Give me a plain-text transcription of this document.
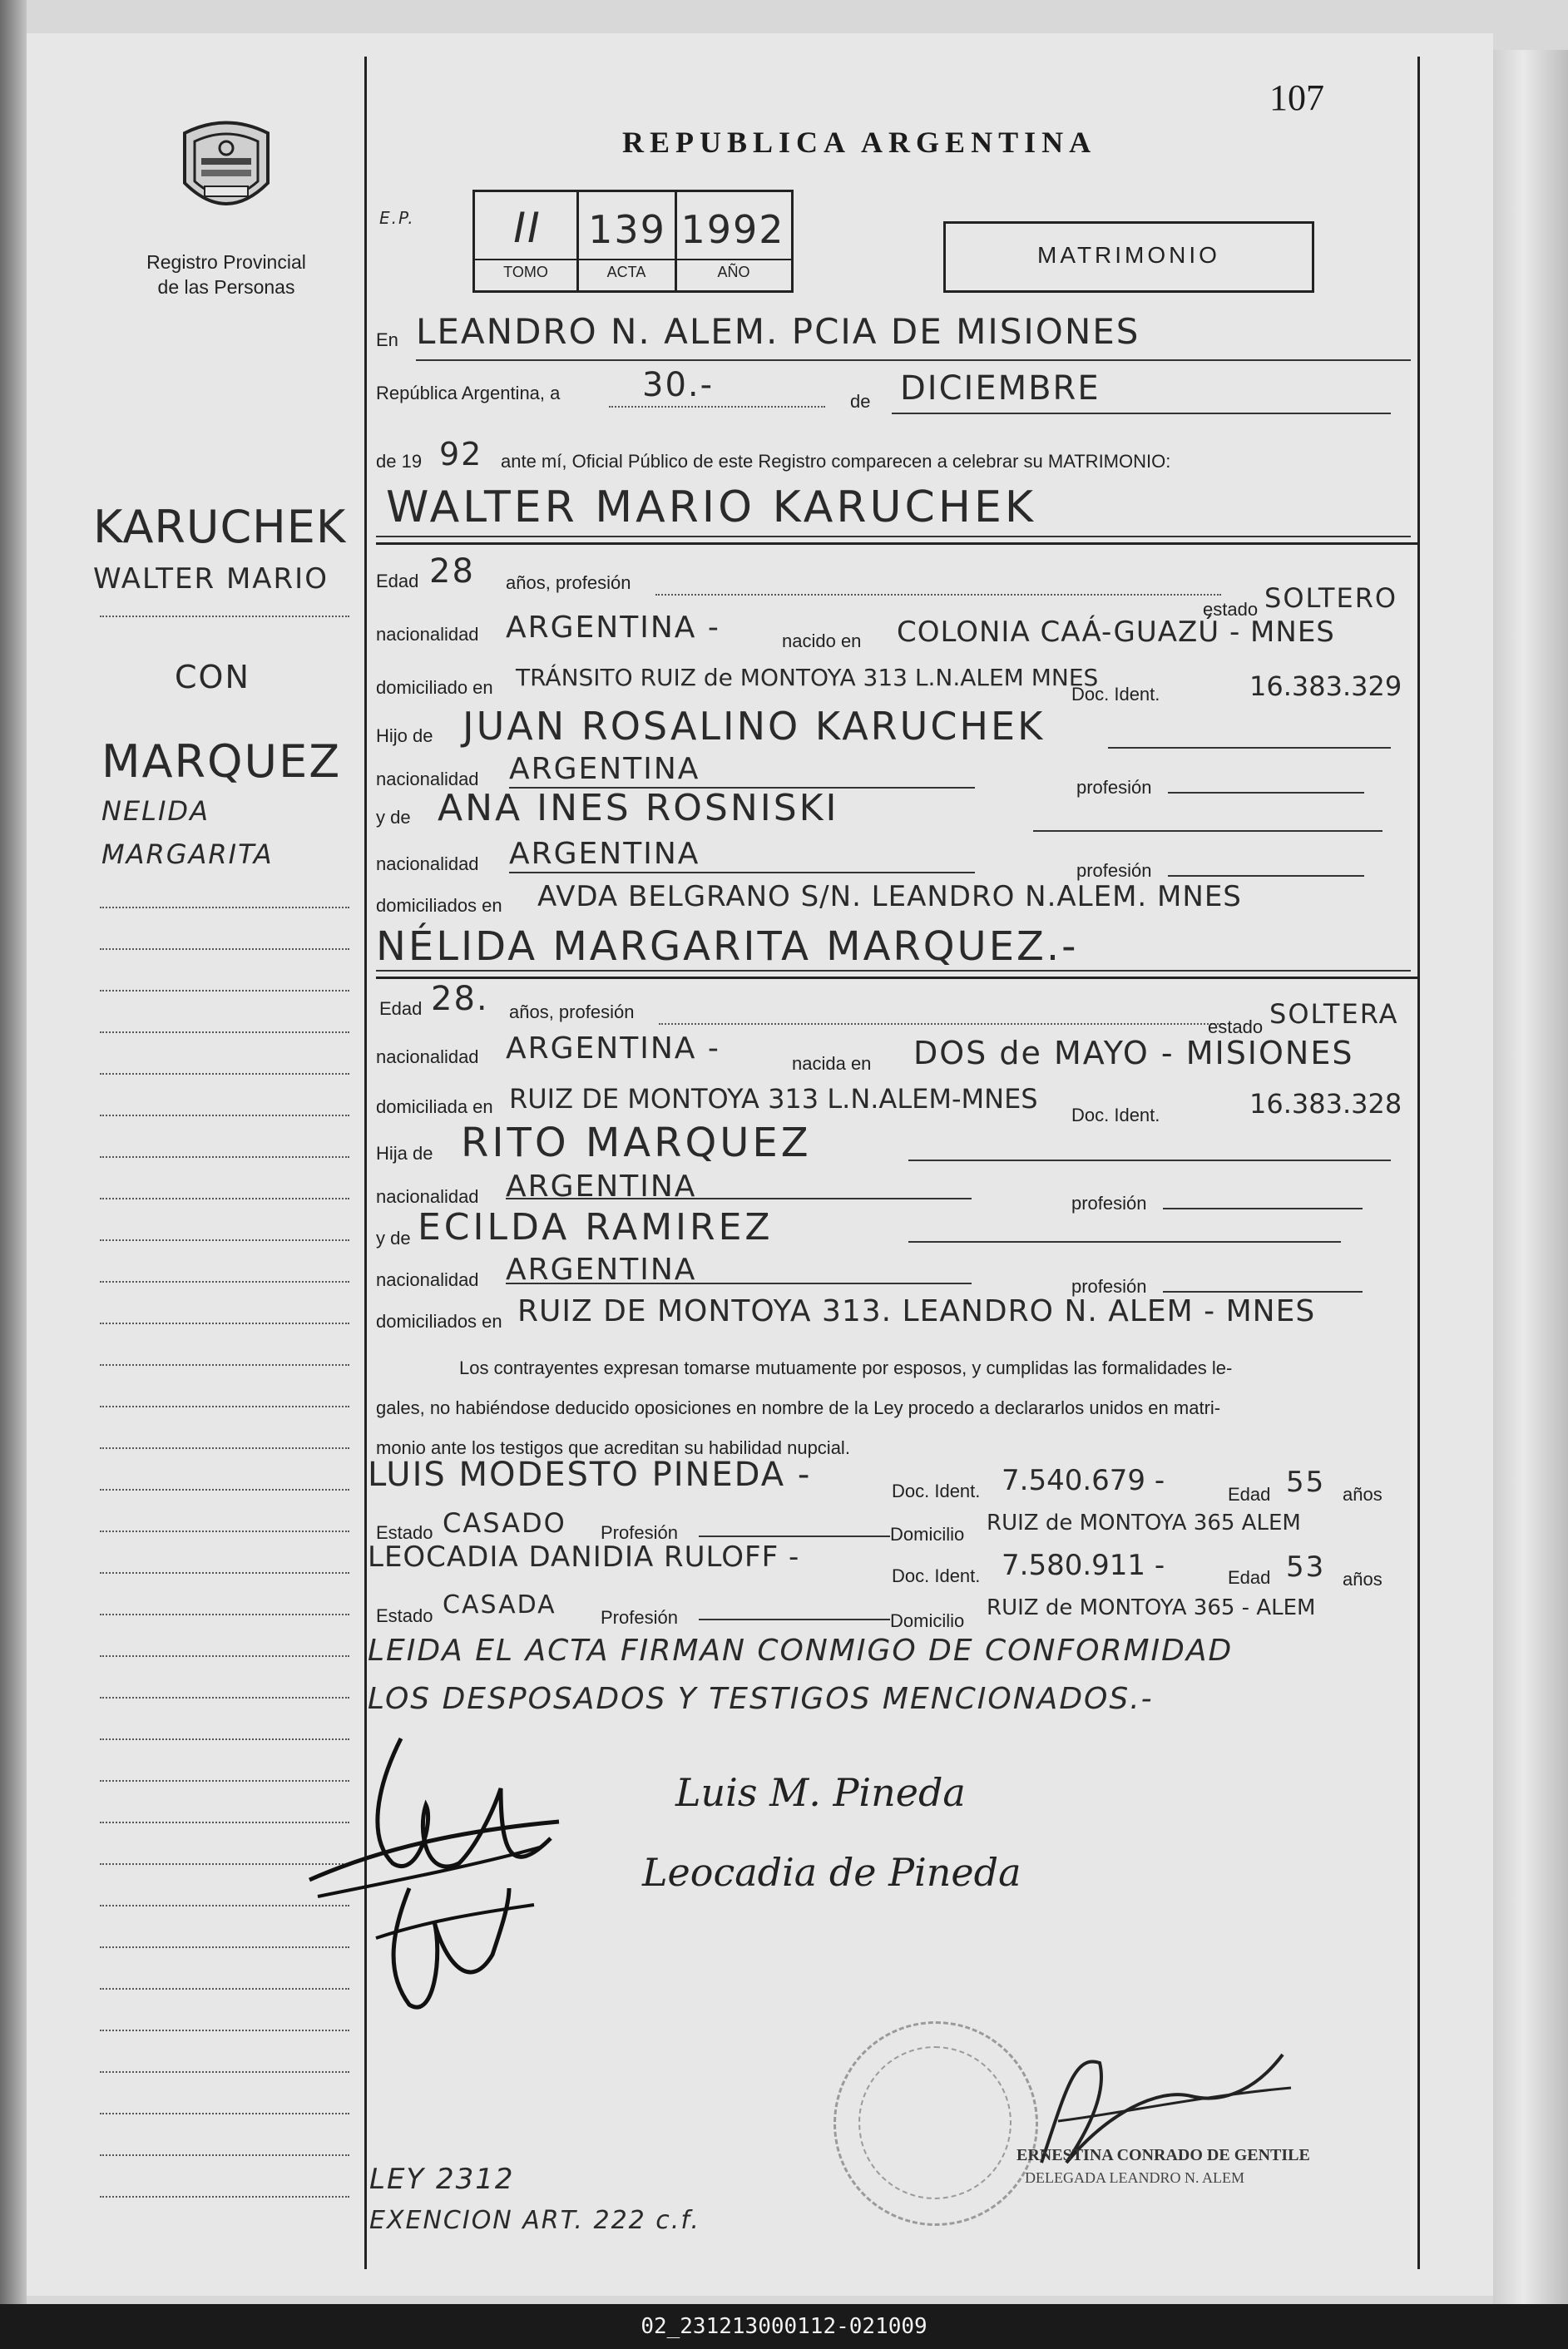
107
Registro Provincial
de las Personas
REPUBLICA ARGENTINA
E.P.	II	139 1992
TOMO	ACTA	AÑO
MATRIMONIO
KARUCHEK
WALTER MARIO
CON
MARQUEZ
NELIDA
MARGARITA
En LEANDRO N. ALEM. PCIA DE MISIONES
República Argentina, a 30.-	de DICIEMBRE
de 19 92 ante mí, Oficial Público de este Registro comparecen a celebrar su MATRIMONIO:
WALTER MARIO KARUCHEK
Edad 28 años, profesión
estado SOLTERO
nacionalidad ARGENTINA -	nacido en COLONIA CAÁ-GUAZÚ - MNES
domiciliado en TRÁNSITO RUIZ de MONTOYA 313 L.N.ALEM MNES
Doc. Ident.	16.383.329
Hijo de JUAN ROSALINO KARUCHEK
nacionalidad ARGENTINA
profesión
y de ANA INES ROSNISKI
nacionalidad ARGENTINA	profesión
domiciliados en AVDA BELGRANO S/N. LEANDRO N.ALEM. MNES
NÉLIDA MARGARITA MARQUEZ.-
Edad 28. años, profesión
estado SOLTERA
nacionalidad ARGENTINA -	nacida en DOS de MAYO - MISIONES
domiciliada en RUIZ DE MONTOYA 313 L.N.ALEM-MNES
Doc. Ident.	16.383.328
Hija de RITO MARQUEZ
nacionalidad ARGENTINA	profesión
y de ECILDA RAMIREZ
nacionalidad ARGENTINA	profesión
domiciliados en RUIZ DE MONTOYA 313. LEANDRO N. ALEM - MNES
Los contrayentes expresan tomarse mutuamente por esposos, y cumplidas las formalidades le-
gales, no habiéndose deducido oposiciones en nombre de la Ley procedo a declararlos unidos en matri-
monio ante los testigos que acreditan su habilidad nupcial.
LUIS MODESTO PINEDA -	Doc. Ident. 7.540.679 -	Edad 55 años
Estado CASADO Profesión	Domicilio RUIZ de MONTOYA 365 ALEM
LEOCADIA DANIDIA RULOFF -
Doc. Ident. 7.580.911 -	Edad 53 años
Estado CASADA Profesión	Domicilio
RUIZ de MONTOYA 365 - ALEM
LEIDA EL ACTA FIRMAN CONMIGO DE CONFORMIDAD
LOS DESPOSADOS Y TESTIGOS MENCIONADOS.-
Luis M. Pineda
Leocadia de Pineda
ERNESTINA CONRADO DE GENTILE
DELEGADA LEANDRO N. ALEM
LEY 2312
EXENCION ART. 222 c.f.
02_231213000112-021009
